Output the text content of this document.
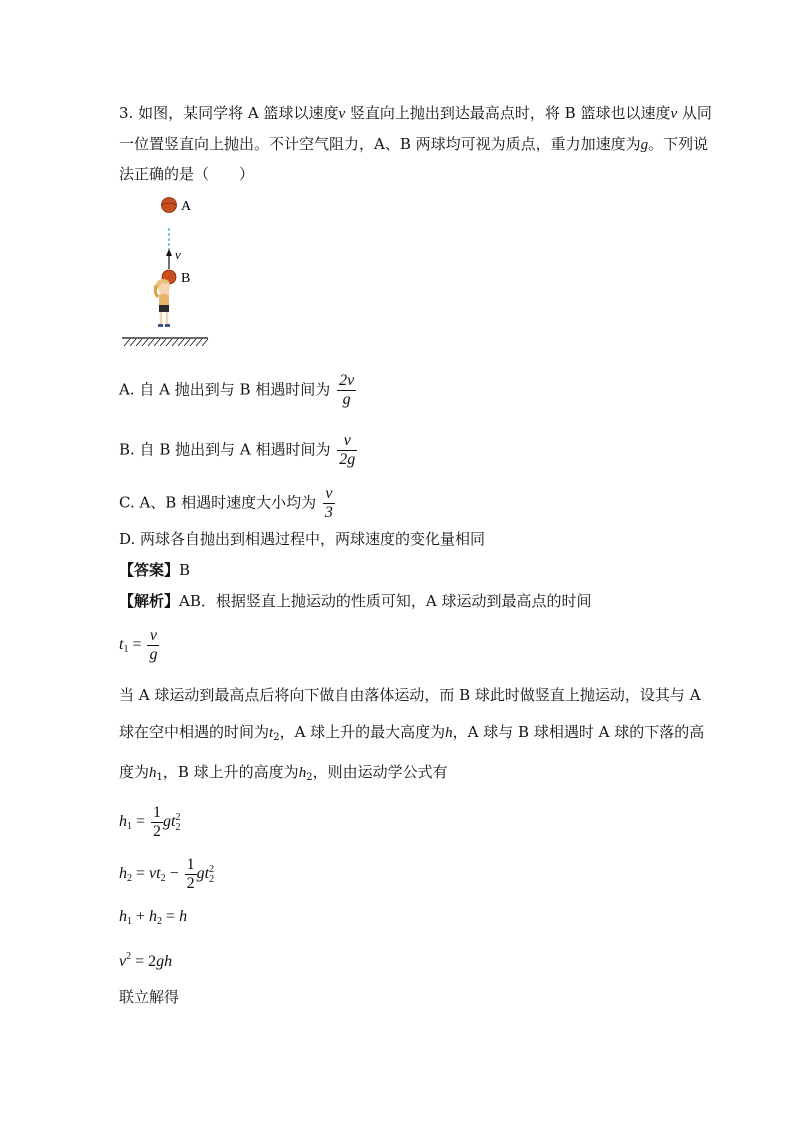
3. 如图，某同学将 A 篮球以速度v 竖直向上抛出到达最高点时，将 B 篮球也以速度v 从同
一位置竖直向上抛出。不计空气阻力，A、B 两球均可视为质点，重力加速度为g。下列说
法正确的是（　　）
A
v
B
A. 自 A 抛出到与 B 相遇时间为 $\frac{2v}{g}$
B. 自 B 抛出到与 A 相遇时间为 $\frac{v}{2g}$
C. A、B 相遇时速度大小均为 $\frac{v}{3}$
D. 两球各自抛出到相遇过程中，两球速度的变化量相同
【答案】B
【解析】AB．根据竖直上抛运动的性质可知，A 球运动到最高点的时间
$t_1 = \frac{v}{g}$
当 A 球运动到最高点后将向下做自由落体运动，而 B 球此时做竖直上抛运动，设其与 A
球在空中相遇的时间为$t_2$，A 球上升的最大高度为h，A 球与 B 球相遇时 A 球的下落的高
度为$h_1$，B 球上升的高度为$h_2$，则由运动学公式有
$h_1 = \frac{1}{2}$ gt 2
2
$h_2 = vt_2 - \frac{1}{2}$ gt 2
2
$h_1 + h_2 = h$
$v^2 = 2gh$
联立解得
